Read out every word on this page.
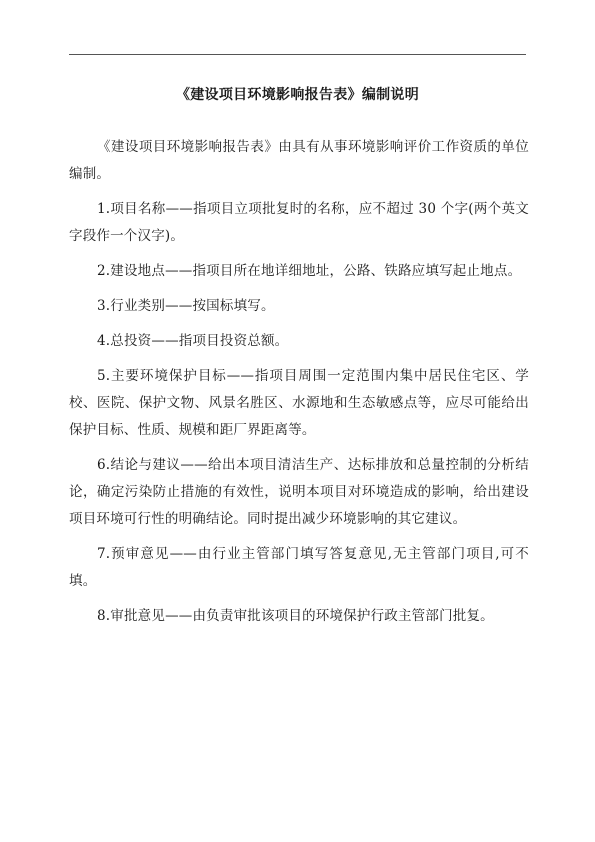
《建设项目环境影响报告表》编制说明

《建设项目环境影响报告表》由具有从事环境影响评价工作资质的单位编制。

1.项目名称——指项目立项批复时的名称，应不超过 30 个字(两个英文字段作一个汉字)。

2.建设地点——指项目所在地详细地址，公路、铁路应填写起止地点。

3.行业类别——按国标填写。

4.总投资——指项目投资总额。

5.主要环境保护目标——指项目周围一定范围内集中居民住宅区、学校、医院、保护文物、风景名胜区、水源地和生态敏感点等，应尽可能给出保护目标、性质、规模和距厂界距离等。

6.结论与建议——给出本项目清洁生产、达标排放和总量控制的分析结论，确定污染防止措施的有效性，说明本项目对环境造成的影响，给出建设项目环境可行性的明确结论。同时提出减少环境影响的其它建议。

7.预审意见——由行业主管部门填写答复意见,无主管部门项目,可不填。

8.审批意见——由负责审批该项目的环境保护行政主管部门批复。
